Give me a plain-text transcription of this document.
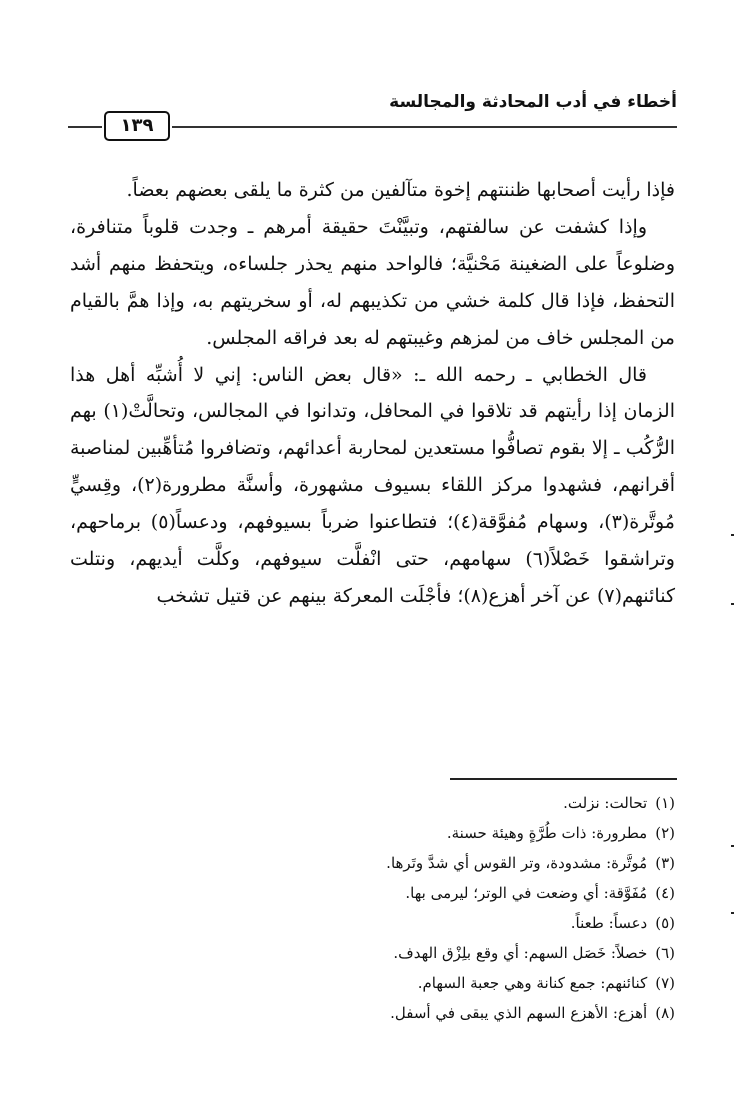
أخطاء في أدب المحادثة والمجالسة
١٣٩

فإذا رأيت أصحابها ظننتهم إخوة متآلفين من كثرة ما يلقى بعضهم بعضاً.

وإذا كشفت عن سالفتهم، وتبيَّنْتَ حقيقة أمرهم ـ وجدت قلوباً متنافرة، وضلوعاً على الضغينة مَحْنيَّة؛ فالواحد منهم يحذر جلساءه، ويتحفظ منهم أشد التحفظ، فإذا قال كلمة خشي من تكذيبهم له، أو سخريتهم به، وإذا همَّ بالقيام من المجلس خاف من لمزهم وغيبتهم له بعد فراقه المجلس.

قال الخطابي ـ رحمه الله ـ: «قال بعض الناس: إني لا أُشبِّه أهل هذا الزمان إذا رأيتهم قد تلاقوا في المحافل، وتدانوا في المجالس، وتحالَّتْ(١) بهم الرُّكُب ـ إلا بقوم تصافُّوا مستعدين لمحاربة أعدائهم، وتضافروا مُتأهِّبين لمناصبة أقرانهم، فشهدوا مركز اللقاء بسيوف مشهورة، وأسنَّة مطرورة(٢)، وقِسيٍّ مُوتَّرة(٣)، وسهام مُفوَّقة(٤)؛ فتطاعنوا ضرباً بسيوفهم، ودعساً(٥) برماحهم، وتراشقوا خَصْلاً(٦) سهامهم، حتى انْفلَّت سيوفهم، وكلَّت أيديهم، ونتلت كنائنهم(٧) عن آخر أهزع(٨)؛ فأجْلَت المعركة بينهم عن قتيل تشخب

(١)تحالت: نزلت.
(٢)مطرورة: ذات طُرَّةٍ وهيئة حسنة.
(٣)مُوتَّرة: مشدودة، وتر القوس أي شدَّ وتَرها.
(٤)مُفَوَّقة: أي وضعت في الوتر؛ ليرمى بها.
(٥)دعساً: طعناً.
(٦)خصلاً: خَصَل السهم: أي وقع بلِزْق الهدف.
(٧)كنائنهم: جمع كنانة وهي جعبة السهام.
(٨)أهزع: الأهزع السهم الذي يبقى في أسفل.
